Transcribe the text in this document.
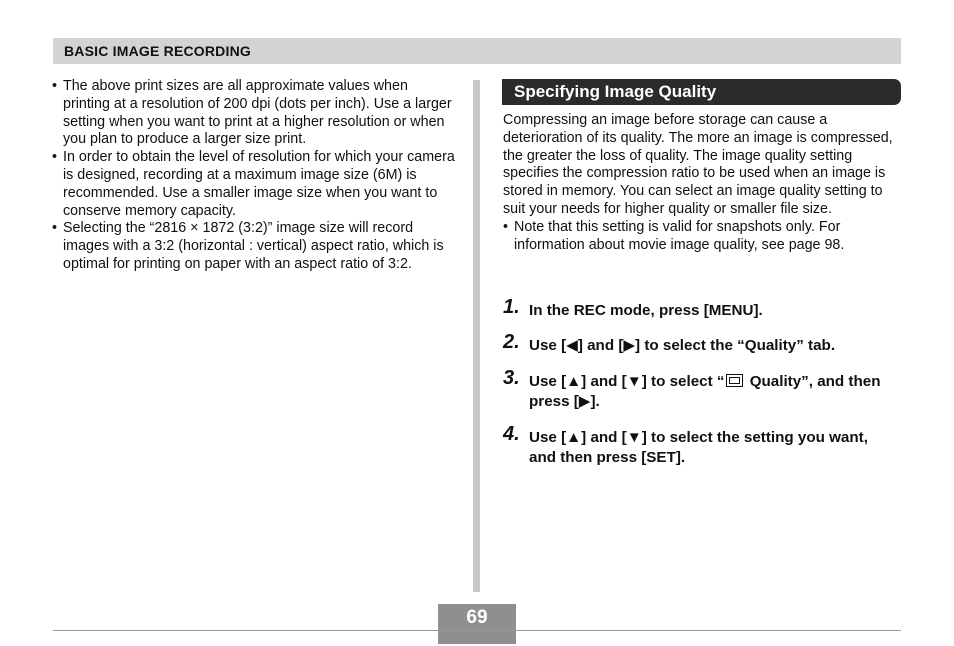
BASIC IMAGE RECORDING
• The above print sizes are all approximate values when printing at a resolution of 200 dpi (dots per inch). Use a larger setting when you want to print at a higher resolution or when you plan to produce a larger size print.
• In order to obtain the level of resolution for which your camera is designed, recording at a maximum image size (6M) is recommended. Use a smaller image size when you want to conserve memory capacity.
• Selecting the “2816 × 1872 (3:2)” image size will record images with a 3:2 (horizontal : vertical) aspect ratio, which is optimal for printing on paper with an aspect ratio of 3:2.
Specifying Image Quality

Compressing an image before storage can cause a deterioration of its quality. The more an image is compressed, the greater the loss of quality. The image quality setting specifies the compression ratio to be used when an image is stored in memory. You can select an image quality setting to suit your needs for higher quality or smaller file size.

• Note that this setting is valid for snapshots only. For information about movie image quality, see page 98.
1. In the REC mode, press [MENU].
2. Use [◀] and [▶] to select the “Quality” tab.
3. Use [▲] and [▼] to select “ Quality”, and then press [▶].
4. Use [▲] and [▼] to select the setting you want, and then press [SET].
69
